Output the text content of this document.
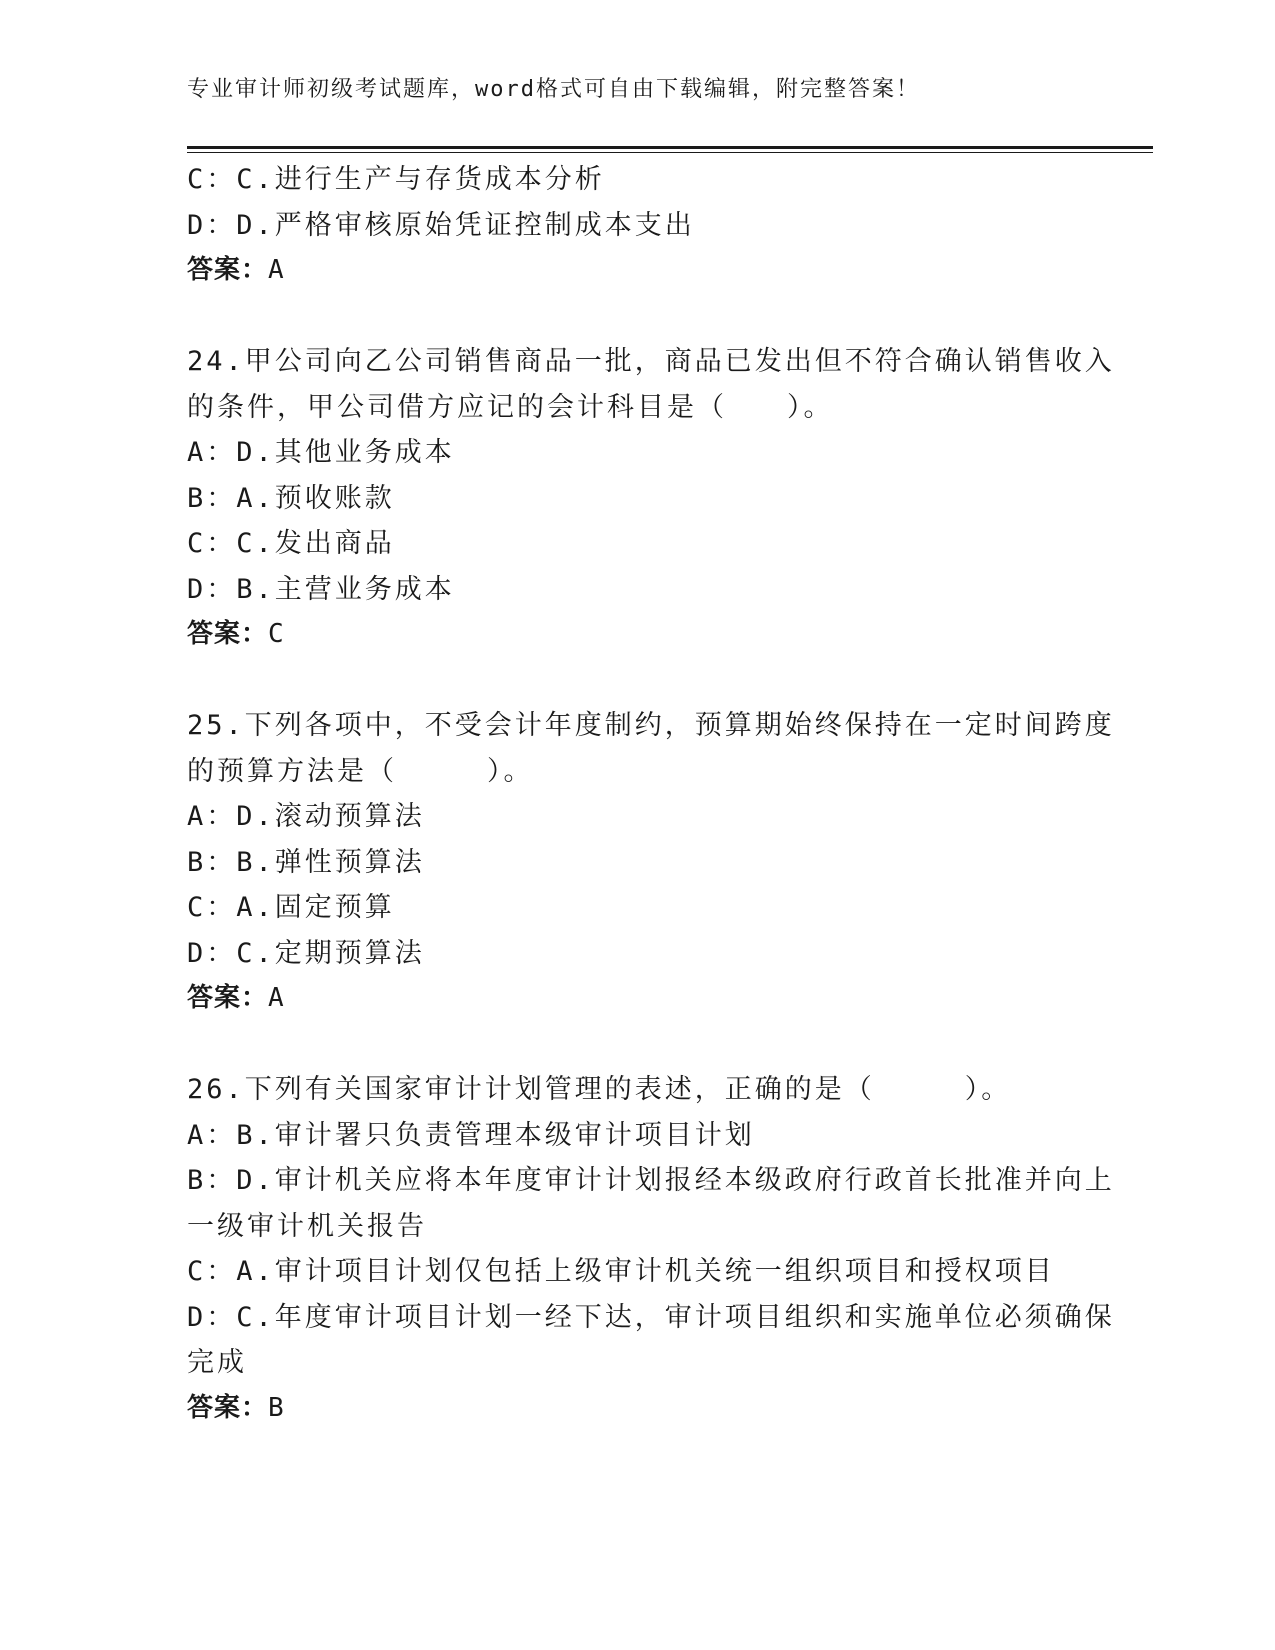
专业审计师初级考试题库，word格式可自由下载编辑，附完整答案！
C：C.进行生产与存货成本分析
D：D.严格审核原始凭证控制成本支出
答案：A
24.甲公司向乙公司销售商品一批，商品已发出但不符合确认销售收入
的条件，甲公司借方应记的会计科目是（　　）。
A：D.其他业务成本
B：A.预收账款
C：C.发出商品
D：B.主营业务成本
答案：C
25.下列各项中，不受会计年度制约，预算期始终保持在一定时间跨度
的预算方法是（　　　）。
A：D.滚动预算法
B：B.弹性预算法
C：A.固定预算
D：C.定期预算法
答案：A
26.下列有关国家审计计划管理的表述，正确的是（　　　）。
A：B.审计署只负责管理本级审计项目计划
B：D.审计机关应将本年度审计计划报经本级政府行政首长批准并向上
一级审计机关报告
C：A.审计项目计划仅包括上级审计机关统一组织项目和授权项目
D：C.年度审计项目计划一经下达，审计项目组织和实施单位必须确保
完成
答案：B
